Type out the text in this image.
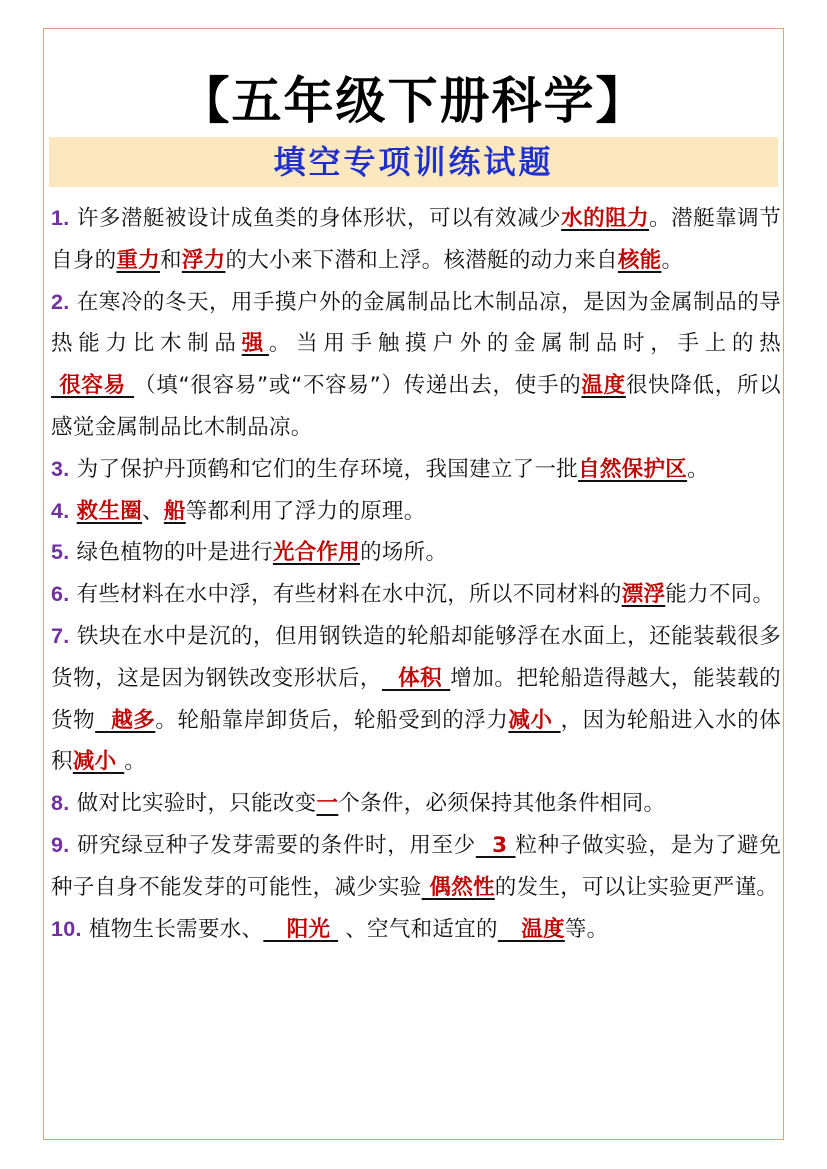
【五年级下册科学】
填空专项训练试题

1. 许多潜艇被设计成鱼类的身体形状，可以有效减少水的阻力。潜艇靠调节自身的重力和浮力的大小来下潜和上浮。核潜艇的动力来自核能。

2. 在寒冷的冬天，用手摸户外的金属制品比木制品凉，是因为金属制品的导热能力比木制品强。当用手触摸户外的金属制品时，手上的热 很容易 （填“很容易”或“不容易”）传递出去，使手的温度很快降低，所以感觉金属制品比木制品凉。

3. 为了保护丹顶鹤和它们的生存环境，我国建立了一批自然保护区。

4. 救生圈、船等都利用了浮力的原理。

5. 绿色植物的叶是进行光合作用的场所。

6. 有些材料在水中浮，有些材料在水中沉，所以不同材料的漂浮能力不同。

7. 铁块在水中是沉的，但用钢铁造的轮船却能够浮在水面上，还能装载很多货物，这是因为钢铁改变形状后，  体积 增加。把轮船造得越大，能装载的货物  越多。轮船靠岸卸货后，轮船受到的浮力减小 ，因为轮船进入水的体积减小 。

8. 做对比实验时，只能改变一个条件，必须保持其他条件相同。

9. 研究绿豆种子发芽需要的条件时，用至少  3 粒种子做实验，是为了避免种子自身不能发芽的可能性，减少实验 偶然性的发生，可以让实验更严谨。

10. 植物生长需要水、   阳光  、空气和适宜的   温度等。
